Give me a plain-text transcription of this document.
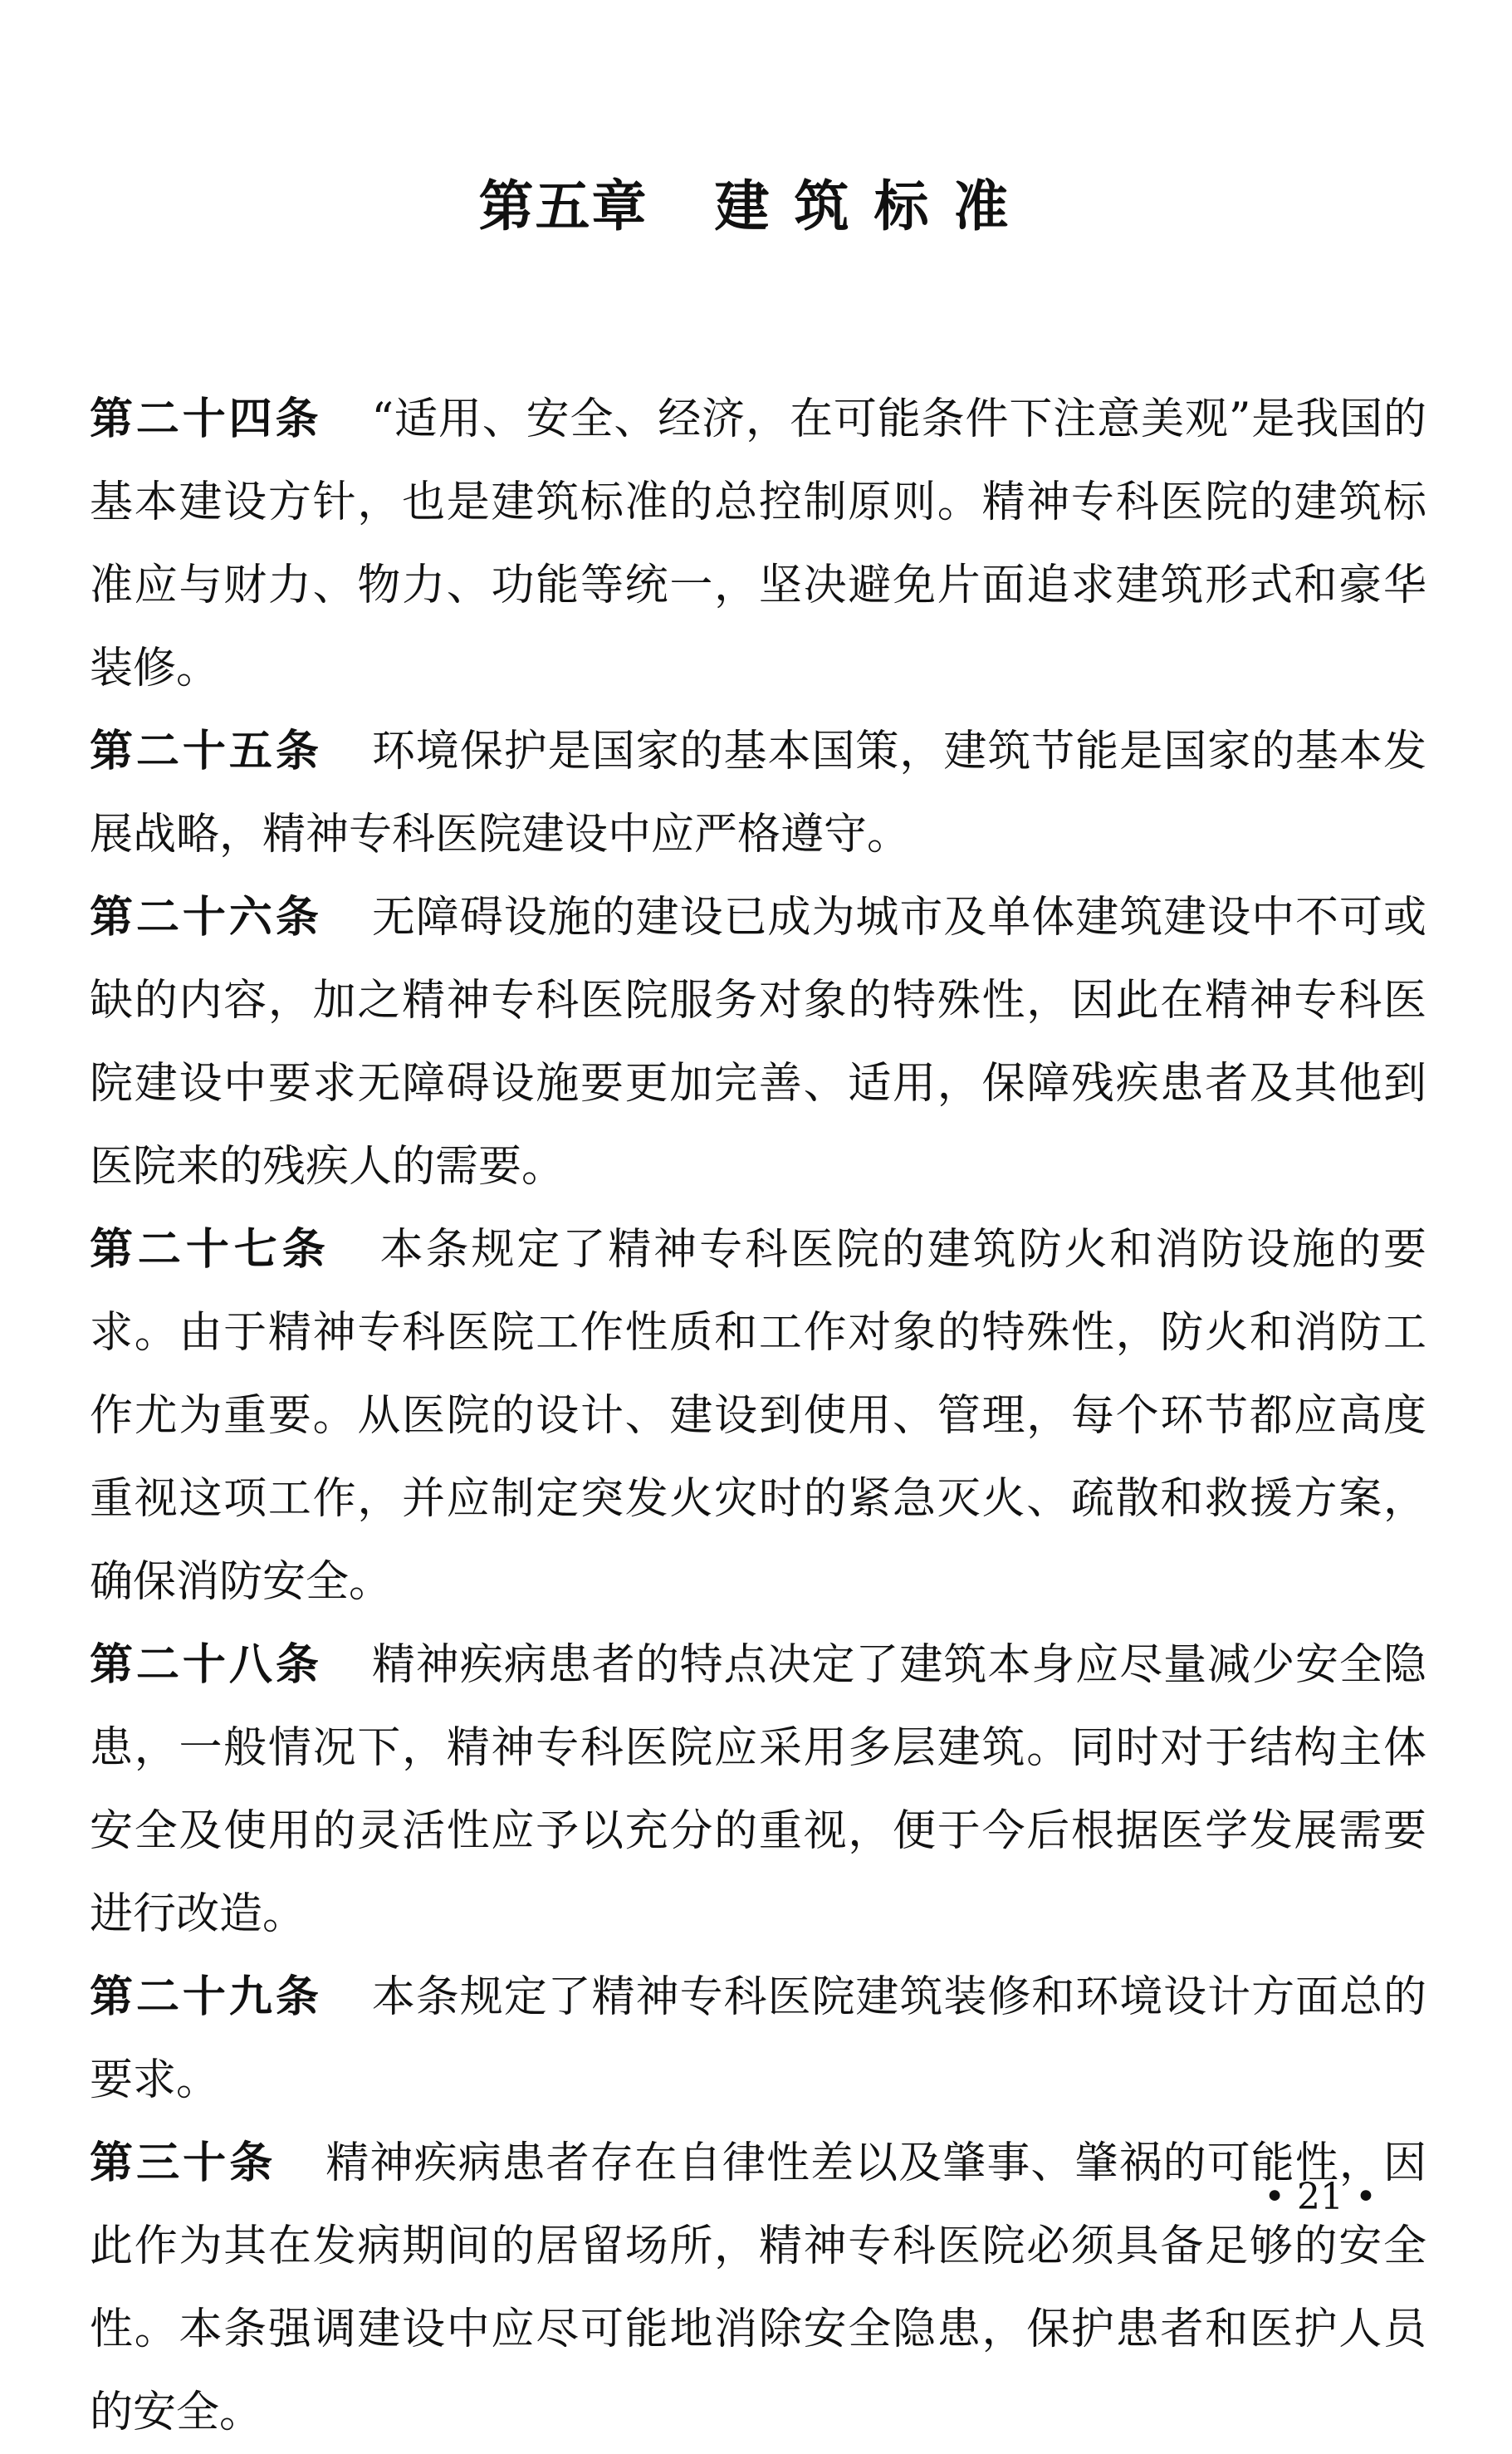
第五章 建筑标准

第二十四条 “适用、安全、经济，在可能条件下注意美观”是我国的基本建设方针，也是建筑标准的总控制原则。精神专科医院的建筑标准应与财力、物力、功能等统一，坚决避免片面追求建筑形式和豪华装修。

第二十五条 环境保护是国家的基本国策，建筑节能是国家的基本发展战略，精神专科医院建设中应严格遵守。

第二十六条 无障碍设施的建设已成为城市及单体建筑建设中不可或缺的内容，加之精神专科医院服务对象的特殊性，因此在精神专科医院建设中要求无障碍设施要更加完善、适用，保障残疾患者及其他到医院来的残疾人的需要。

第二十七条 本条规定了精神专科医院的建筑防火和消防设施的要求。由于精神专科医院工作性质和工作对象的特殊性，防火和消防工作尤为重要。从医院的设计、建设到使用、管理，每个环节都应高度重视这项工作，并应制定突发火灾时的紧急灭火、疏散和救援方案，确保消防安全。

第二十八条 精神疾病患者的特点决定了建筑本身应尽量减少安全隐患，一般情况下，精神专科医院应采用多层建筑。同时对于结构主体安全及使用的灵活性应予以充分的重视，便于今后根据医学发展需要进行改造。

第二十九条 本条规定了精神专科医院建筑装修和环境设计方面总的要求。

第三十条 精神疾病患者存在自律性差以及肇事、肇祸的可能性，因此作为其在发病期间的居留场所，精神专科医院必须具备足够的安全性。本条强调建设中应尽可能地消除安全隐患，保护患者和医护人员的安全。

• 21 •
